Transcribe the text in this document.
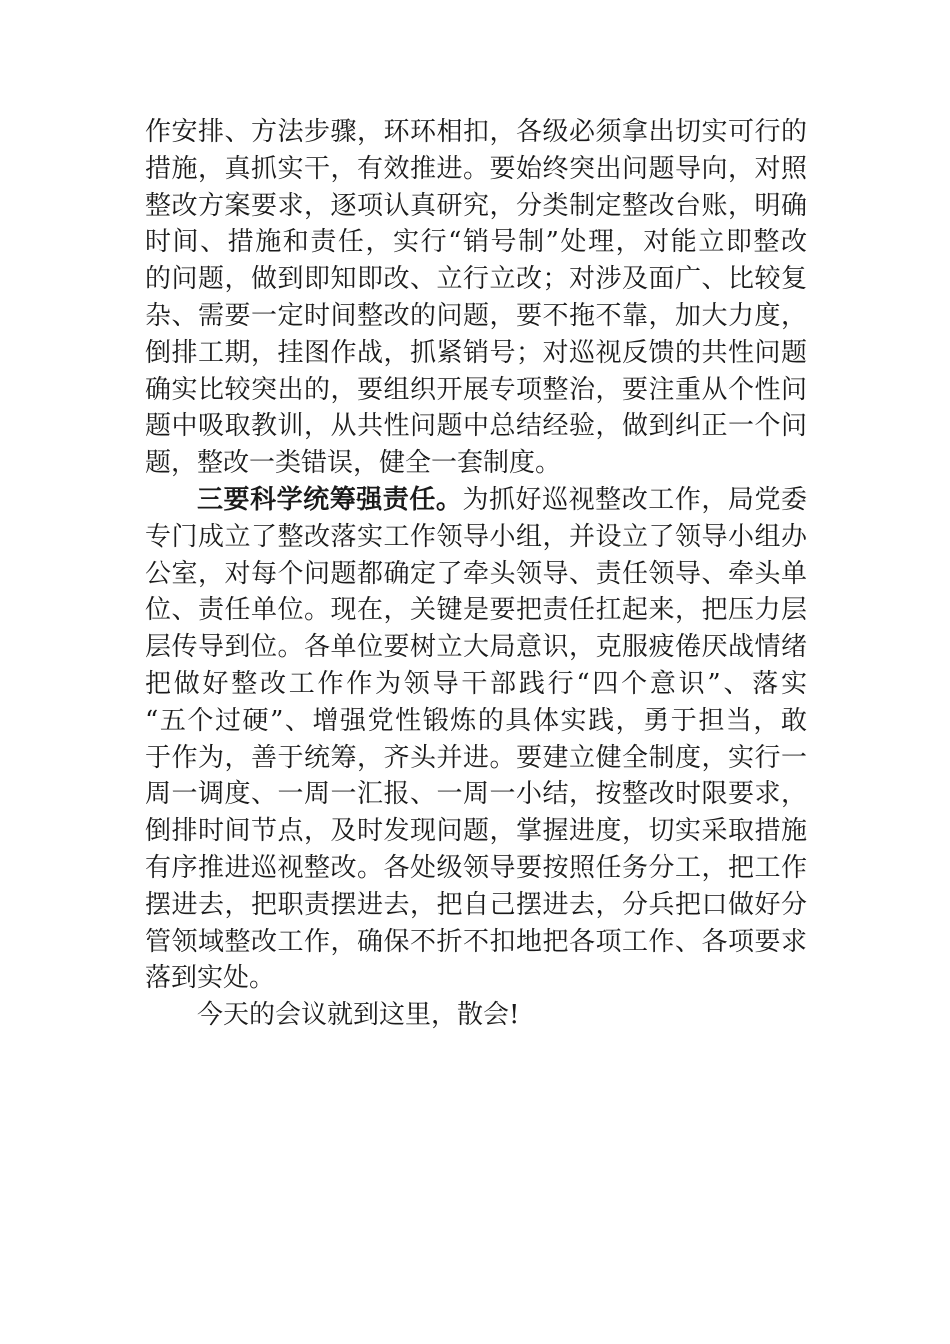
作安排、方法步骤，环环相扣，各级必须拿出切实可行的
措施，真抓实干，有效推进。要始终突出问题导向，对照
整改方案要求，逐项认真研究，分类制定整改台账，明确
时间、措施和责任，实行“销号制”处理，对能立即整改
的问题，做到即知即改、立行立改；对涉及面广、比较复
杂、需要一定时间整改的问题，要不拖不靠，加大力度，
倒排工期，挂图作战，抓紧销号；对巡视反馈的共性问题
确实比较突出的，要组织开展专项整治，要注重从个性问
题中吸取教训，从共性问题中总结经验，做到纠正一个问
题，整改一类错误，健全一套制度。

三要科学统筹强责任。为抓好巡视整改工作，局党委
专门成立了整改落实工作领导小组，并设立了领导小组办
公室，对每个问题都确定了牵头领导、责任领导、牵头单
位、责任单位。现在，关键是要把责任扛起来，把压力层
层传导到位。各单位要树立大局意识，克服疲倦厌战情绪
把做好整改工作作为领导干部践行“四个意识”、落实
“五个过硬”、增强党性锻炼的具体实践，勇于担当，敢
于作为，善于统筹，齐头并进。要建立健全制度，实行一
周一调度、一周一汇报、一周一小结，按整改时限要求，
倒排时间节点，及时发现问题，掌握进度，切实采取措施
有序推进巡视整改。各处级领导要按照任务分工，把工作
摆进去，把职责摆进去，把自己摆进去，分兵把口做好分
管领域整改工作，确保不折不扣地把各项工作、各项要求
落到实处。

今天的会议就到这里，散会!
